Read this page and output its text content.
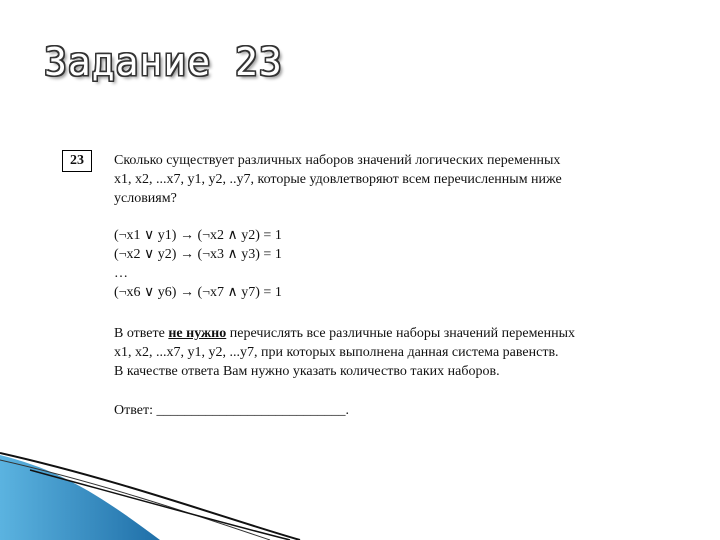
Задание 23
23	Сколько существует различных наборов значений логических переменных

x1, x2, ...x7, y1, y2, ..y7, которые удовлетворяют всем перечисленным ниже

условиям?

(¬x1 ∨ y1) → (¬x2 ∧ y2) = 1

(¬x2 ∨ y2) → (¬x3 ∧ y3) = 1

…

(¬x6 ∨ y6) → (¬x7 ∧ y7) = 1

В ответе не нужно перечислять все различные наборы значений переменных

x1, x2, ...x7, y1, y2, ...y7, при которых выполнена данная система равенств.

В качестве ответа Вам нужно указать количество таких наборов.

Ответ: ___________________________.
